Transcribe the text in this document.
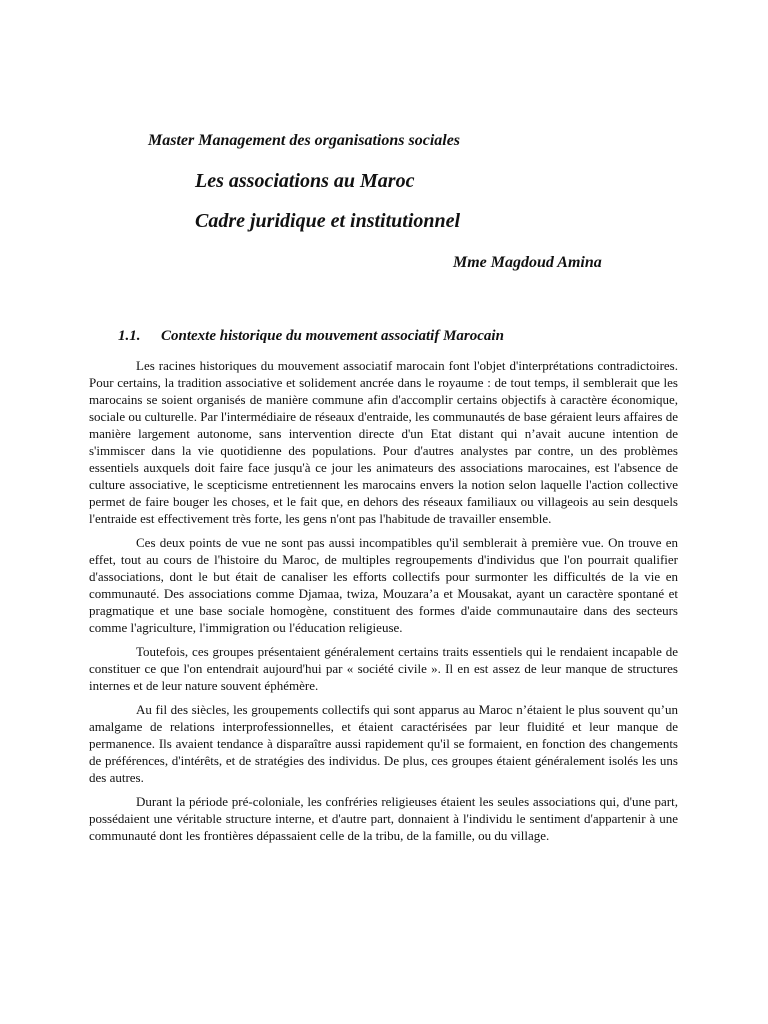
Master Management des organisations sociales
Les associations au Maroc
Cadre juridique et institutionnel
Mme Magdoud Amina
1.1. Contexte historique du mouvement associatif Marocain

Les racines historiques du mouvement associatif marocain font l'objet d'interprétations contradictoires. Pour certains, la tradition associative et solidement ancrée dans le royaume : de tout temps, il semblerait que les marocains se soient organisés de manière commune afin d'accomplir certains objectifs à caractère économique, sociale ou culturelle. Par l'intermédiaire de réseaux d'entraide, les communautés de base géraient leurs affaires de manière largement autonome, sans intervention directe d'un Etat distant qui n’avait aucune intention de s'immiscer dans la vie quotidienne des populations. Pour d'autres analystes par contre, un des problèmes essentiels auxquels doit faire face jusqu'à ce jour les animateurs des associations marocaines, est l'absence de culture associative, le scepticisme entretiennent les marocains envers la notion selon laquelle l'action collective permet de faire bouger les choses, et le fait que, en dehors des réseaux familiaux ou villageois au sein desquels l'entraide est effectivement très forte, les gens n'ont pas l'habitude de travailler ensemble.

Ces deux points de vue ne sont pas aussi incompatibles qu'il semblerait à première vue. On trouve en effet, tout au cours de l'histoire du Maroc, de multiples regroupements d'individus que l'on pourrait qualifier d'associations, dont le but était de canaliser les efforts collectifs pour surmonter les difficultés de la vie en communauté. Des associations comme Djamaa, twiza, Mouzara’a et Mousakat, ayant un caractère spontané et pragmatique et une base sociale homogène, constituent des formes d'aide communautaire dans des secteurs comme l'agriculture, l'immigration ou l'éducation religieuse.

Toutefois, ces groupes présentaient généralement certains traits essentiels qui le rendaient incapable de constituer ce que l'on entendrait aujourd'hui par « société civile ». Il en est assez de leur manque de structures internes et de leur nature souvent éphémère.

Au fil des siècles, les groupements collectifs qui sont apparus au Maroc n’étaient le plus souvent qu’un amalgame de relations interprofessionnelles, et étaient caractérisées par leur fluidité et leur manque de permanence. Ils avaient tendance à disparaître aussi rapidement qu'il se formaient, en fonction des changements de préférences, d'intérêts, et de stratégies des individus. De plus, ces groupes étaient généralement isolés les uns des autres.

Durant la période pré-coloniale, les confréries religieuses étaient les seules associations qui, d'une part, possédaient une véritable structure interne, et d'autre part, donnaient à l'individu le sentiment d'appartenir à une communauté dont les frontières dépassaient celle de la tribu, de la famille, ou du village.
